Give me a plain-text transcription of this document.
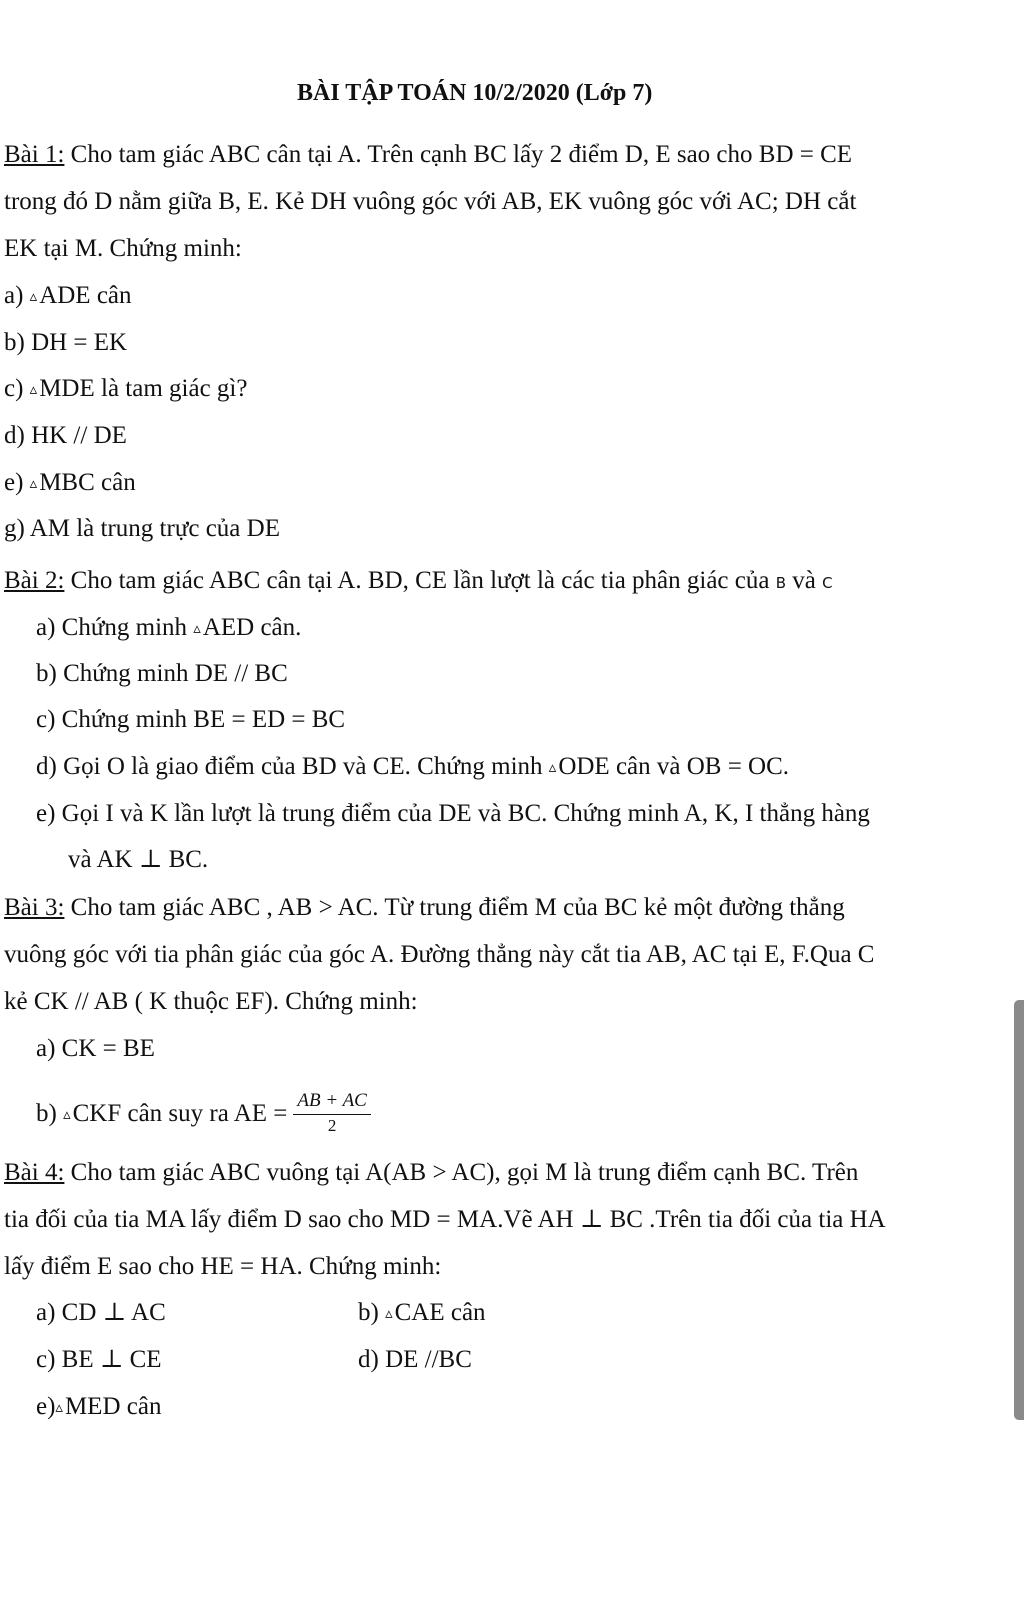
BÀI TẬP TOÁN 10/2/2020 (Lớp 7)
Bài 1: Cho tam giác ABC cân tại A. Trên cạnh BC lấy 2 điểm D, E sao cho BD = CE
trong đó D nằm giữa B, E. Kẻ DH vuông góc với AB, EK vuông góc với AC; DH cắt
EK tại M. Chứng minh:
a) ▵ADE cân
b) DH = EK
c) ▵MDE là tam giác gì?
d) HK // DE
e) ▵MBC cân
g) AM là trung trực của DE
Bài 2: Cho tam giác ABC cân tại A. BD, CE lần lượt là các tia phân giác của B và C
a) Chứng minh ▵AED cân.
b) Chứng minh DE // BC
c) Chứng minh BE = ED = BC
d) Gọi O là giao điểm của BD và CE. Chứng minh ▵ODE cân và OB = OC.
e) Gọi I và K lần lượt là trung điểm của DE và BC. Chứng minh A, K, I thẳng hàng
và AK ⊥ BC.
Bài 3: Cho tam giác ABC , AB > AC. Từ trung điểm M của BC kẻ một đường thẳng
vuông góc với tia phân giác của góc A. Đường thẳng này cắt tia AB, AC tại E, F.Qua C
kẻ CK // AB ( K thuộc EF). Chứng minh:
a) CK = BE
b) ▵CKF cân suy ra AE = $\frac{AB + AC}{2}$
Bài 4: Cho tam giác ABC vuông tại A(AB > AC), gọi M là trung điểm cạnh BC. Trên
tia đối của tia MA lấy điểm D sao cho MD = MA.Vẽ AH ⊥ BC .Trên tia đối của tia HA
lấy điểm E sao cho HE = HA. Chứng minh:
a) CD ⊥ AC	b) ▵CAE cân
c) BE ⊥ CE	d) DE //BC
e)▵MED cân
